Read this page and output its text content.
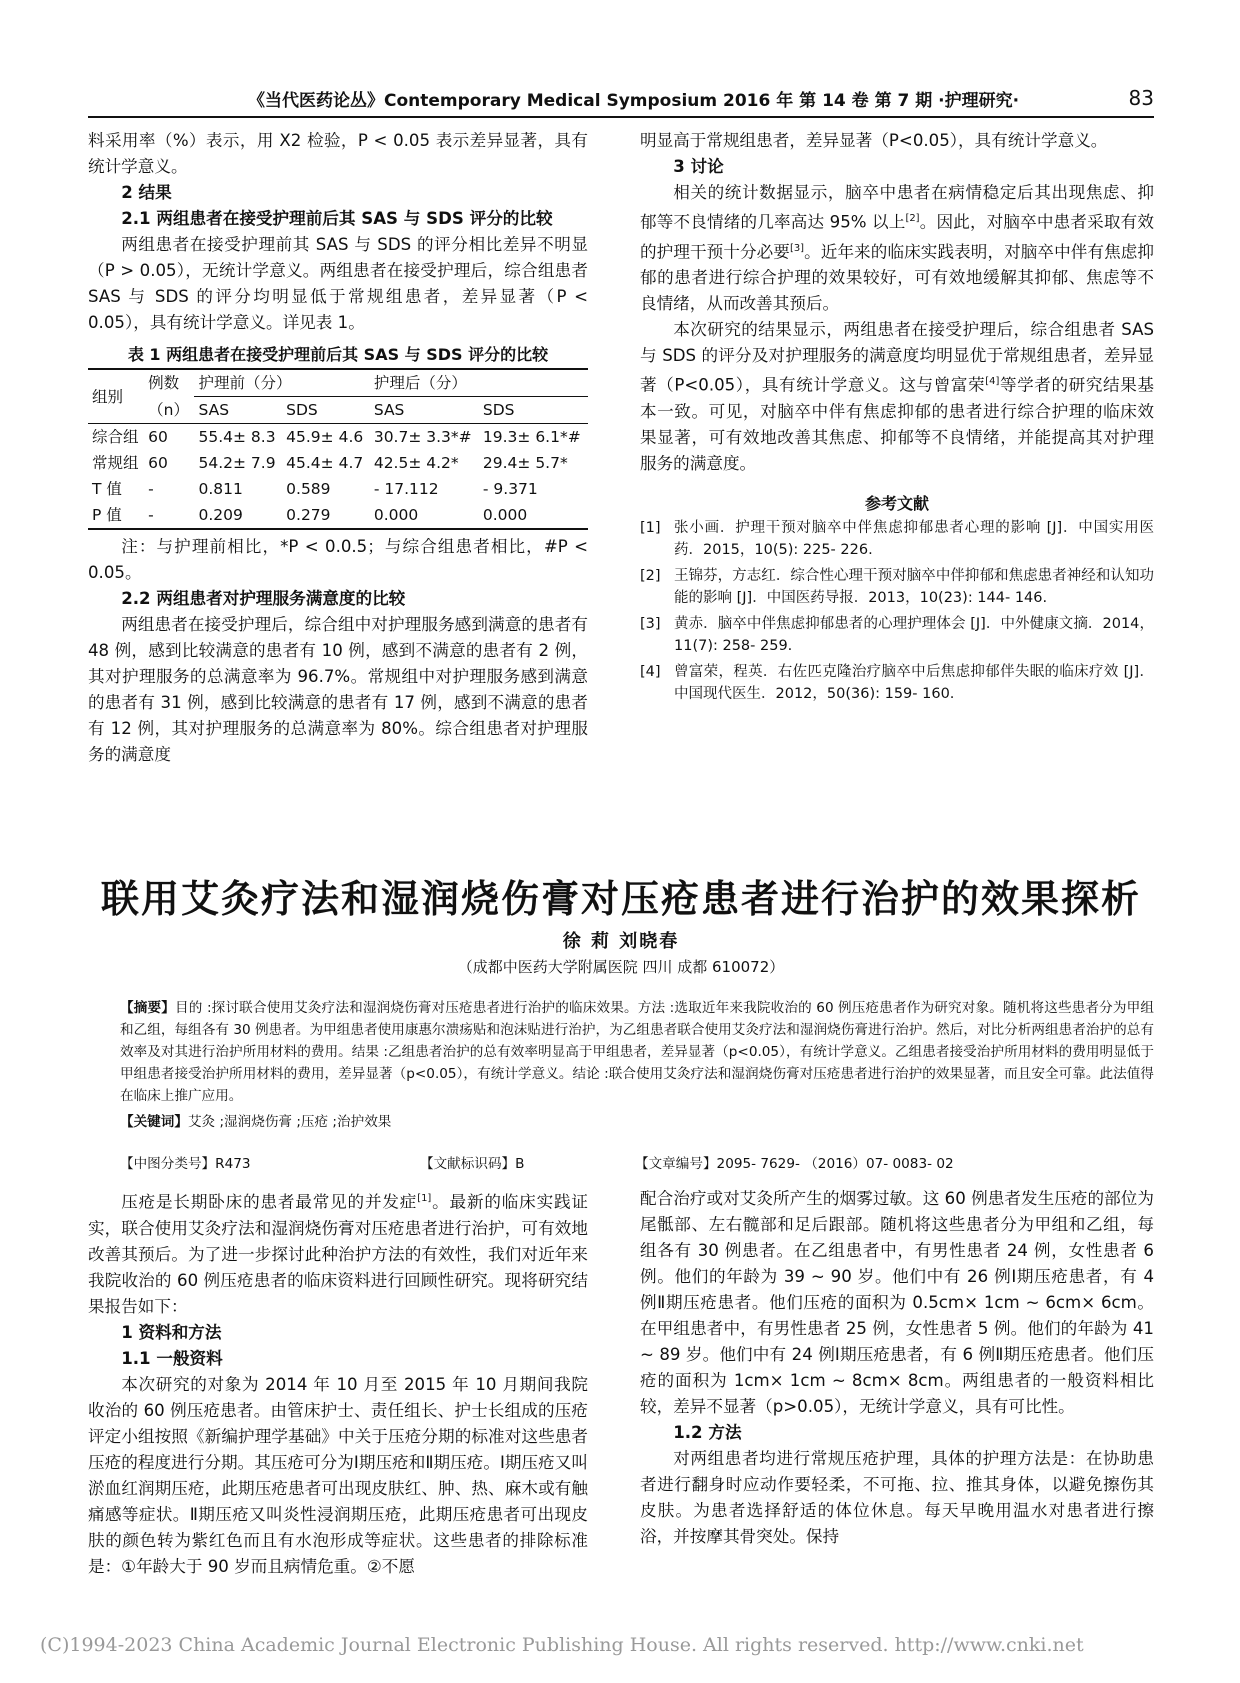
《当代医药论丛》Contemporary Medical Symposium 2016 年 第 14 卷 第 7 期 ·护理研究·	83

料采用率（%）表示，用 X2 检验，P < 0.05 表示差异显著，具有统计学意义。

2 结果

2.1 两组患者在接受护理前后其 SAS 与 SDS 评分的比较

两组患者在接受护理前其 SAS 与 SDS 的评分相比差异不明显（P > 0.05），无统计学意义。两组患者在接受护理后，综合组患者 SAS 与 SDS 的评分均明显低于常规组患者，差异显著（P < 0.05），具有统计学意义。详见表 1。

表 1 两组患者在接受护理前后其 SAS 与 SDS 评分的比较
组别	例数	护理前（分）		护理后（分）	
	（n）	SAS	SDS	SAS	SDS
综合组	60	55.4± 8.3	45.9± 4.6	30.7± 3.3*#	19.3± 6.1*#
常规组	60	54.2± 7.9	45.4± 4.7	42.5± 4.2*	29.4± 5.7*
T 值	-	0.811	0.589	- 17.112	- 9.371
P 值	-	0.209	0.279	0.000	0.000

注：与护理前相比，*P < 0.0.5；与综合组患者相比，#P < 0.05。

2.2 两组患者对护理服务满意度的比较

两组患者在接受护理后，综合组中对护理服务感到满意的患者有 48 例，感到比较满意的患者有 10 例，感到不满意的患者有 2 例，其对护理服务的总满意率为 96.7%。常规组中对护理服务感到满意的患者有 31 例，感到比较满意的患者有 17 例，感到不满意的患者有 12 例，其对护理服务的总满意率为 80%。综合组患者对护理服务的满意度

明显高于常规组患者，差异显著（P<0.05），具有统计学意义。

3 讨论

相关的统计数据显示，脑卒中患者在病情稳定后其出现焦虑、抑郁等不良情绪的几率高达 95% 以上[2]。因此，对脑卒中患者采取有效的护理干预十分必要[3]。近年来的临床实践表明，对脑卒中伴有焦虑抑郁的患者进行综合护理的效果较好，可有效地缓解其抑郁、焦虑等不良情绪，从而改善其预后。

本次研究的结果显示，两组患者在接受护理后，综合组患者 SAS 与 SDS 的评分及对护理服务的满意度均明显优于常规组患者，差异显著（P<0.05），具有统计学意义。这与曾富荣[4]等学者的研究结果基本一致。可见，对脑卒中伴有焦虑抑郁的患者进行综合护理的临床效果显著，可有效地改善其焦虑、抑郁等不良情绪，并能提高其对护理服务的满意度。

参考文献
[1] 张小画．护理干预对脑卒中伴焦虑抑郁患者心理的影响 [J]．中国实用医药．2015，10(5): 225- 226.
[2] 王锦芬，方志红．综合性心理干预对脑卒中伴抑郁和焦虑患者神经和认知功能的影响 [J]．中国医药导报．2013，10(23): 144- 146.
[3] 黄赤．脑卒中伴焦虑抑郁患者的心理护理体会 [J]．中外健康文摘．2014，11(7): 258- 259.
[4] 曾富荣，程英．右佐匹克隆治疗脑卒中后焦虑抑郁伴失眠的临床疗效 [J]．中国现代医生．2012，50(36): 159- 160.
联用艾灸疗法和湿润烧伤膏对压疮患者进行治护的效果探析
徐 莉 刘晓春
（成都中医药大学附属医院 四川 成都 610072）

【摘要】目的 :探讨联合使用艾灸疗法和湿润烧伤膏对压疮患者进行治护的临床效果。方法 :选取近年来我院收治的 60 例压疮患者作为研究对象。随机将这些患者分为甲组和乙组，每组各有 30 例患者。为甲组患者使用康惠尔溃疡贴和泡沫贴进行治护，为乙组患者联合使用艾灸疗法和湿润烧伤膏进行治护。然后，对比分析两组患者治护的总有效率及对其进行治护所用材料的费用。结果 :乙组患者治护的总有效率明显高于甲组患者，差异显著（p<0.05），有统计学意义。乙组患者接受治护所用材料的费用明显低于甲组患者接受治护所用材料的费用，差异显著（p<0.05），有统计学意义。结论 :联合使用艾灸疗法和湿润烧伤膏对压疮患者进行治护的效果显著，而且安全可靠。此法值得在临床上推广应用。

【关键词】艾灸 ;湿润烧伤膏 ;压疮 ;治护效果

【中图分类号】R473	【文献标识码】B	【文章编号】2095- 7629- （2016）07- 0083- 02

压疮是长期卧床的患者最常见的并发症[1]。最新的临床实践证实，联合使用艾灸疗法和湿润烧伤膏对压疮患者进行治护，可有效地改善其预后。为了进一步探讨此种治护方法的有效性，我们对近年来我院收治的 60 例压疮患者的临床资料进行回顾性研究。现将研究结果报告如下：

1 资料和方法

1.1 一般资料

本次研究的对象为 2014 年 10 月至 2015 年 10 月期间我院收治的 60 例压疮患者。由管床护士、责任组长、护士长组成的压疮评定小组按照《新编护理学基础》中关于压疮分期的标准对这些患者压疮的程度进行分期。其压疮可分为Ⅰ期压疮和Ⅱ期压疮。Ⅰ期压疮又叫淤血红润期压疮，此期压疮患者可出现皮肤红、肿、热、麻木或有触痛感等症状。Ⅱ期压疮又叫炎性浸润期压疮，此期压疮患者可出现皮肤的颜色转为紫红色而且有水泡形成等症状。这些患者的排除标准是：①年龄大于 90 岁而且病情危重。②不愿

配合治疗或对艾灸所产生的烟雾过敏。这 60 例患者发生压疮的部位为尾骶部、左右髋部和足后跟部。随机将这些患者分为甲组和乙组，每组各有 30 例患者。在乙组患者中，有男性患者 24 例，女性患者 6 例。他们的年龄为 39 ~ 90 岁。他们中有 26 例Ⅰ期压疮患者，有 4 例Ⅱ期压疮患者。他们压疮的面积为 0.5cm× 1cm ~ 6cm× 6cm。在甲组患者中，有男性患者 25 例，女性患者 5 例。他们的年龄为 41 ~ 89 岁。他们中有 24 例Ⅰ期压疮患者，有 6 例Ⅱ期压疮患者。他们压疮的面积为 1cm× 1cm ~ 8cm× 8cm。两组患者的一般资料相比较，差异不显著（p>0.05），无统计学意义，具有可比性。

1.2 方法

对两组患者均进行常规压疮护理，具体的护理方法是：在协助患者进行翻身时应动作要轻柔，不可拖、拉、推其身体，以避免擦伤其皮肤。为患者选择舒适的体位休息。每天早晚用温水对患者进行擦浴，并按摩其骨突处。保持

(C)1994-2023 China Academic Journal Electronic Publishing House. All rights reserved. http://www.cnki.net
